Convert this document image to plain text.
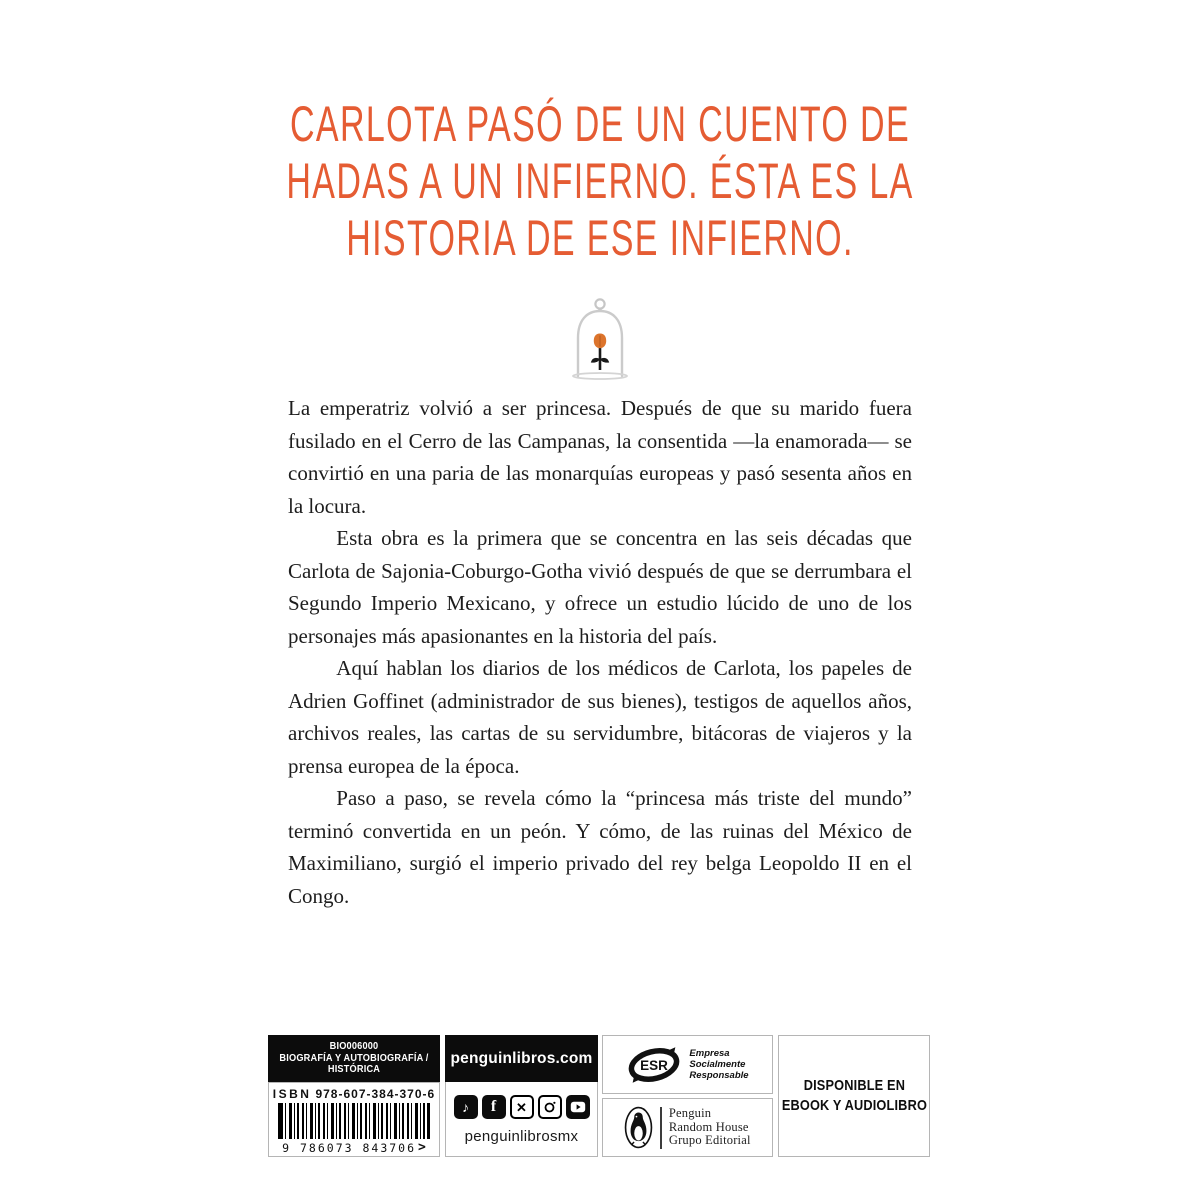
CARLOTA PASÓ DE UN CUENTO DE
HADAS A UN INFIERNO. ÉSTA ES LA
HISTORIA DE ESE INFIERNO.

La emperatriz volvió a ser princesa. Después de que su marido fuera fusilado en el Cerro de las Campanas, la consentida —la enamorada— se convirtió en una paria de las monarquías europeas y pasó sesenta años en la locura.

Esta obra es la primera que se concentra en las seis décadas que Carlota de Sajonia-Coburgo-Gotha vivió después de que se derrumbara el Segundo Imperio Mexicano, y ofrece un estudio lúcido de uno de los personajes más apasionantes en la historia del país.

Aquí hablan los diarios de los médicos de Carlota, los papeles de Adrien Goffinet (administrador de sus bienes), testigos de aquellos años, archivos reales, las cartas de su servidumbre, bitácoras de viajeros y la prensa europea de la época.

Paso a paso, se revela cómo la “princesa más triste del mundo” terminó convertida en un peón. Y cómo, de las ruinas del México de Maximiliano, surgió el imperio privado del rey belga Leopoldo II en el Congo.

BIO006000
BIOGRAFÍA Y AUTOBIOGRAFÍA /
HISTÓRICA
ISBN 978-607-384-370-6
9 786073 843706 >
penguinlibros.com
♪ f ✕
penguinlibrosmx
ESR
Empresa
Socialmente
Responsable
Penguin
Random House
Grupo Editorial
DISPONIBLE EN
EBOOK Y AUDIOLIBRO
